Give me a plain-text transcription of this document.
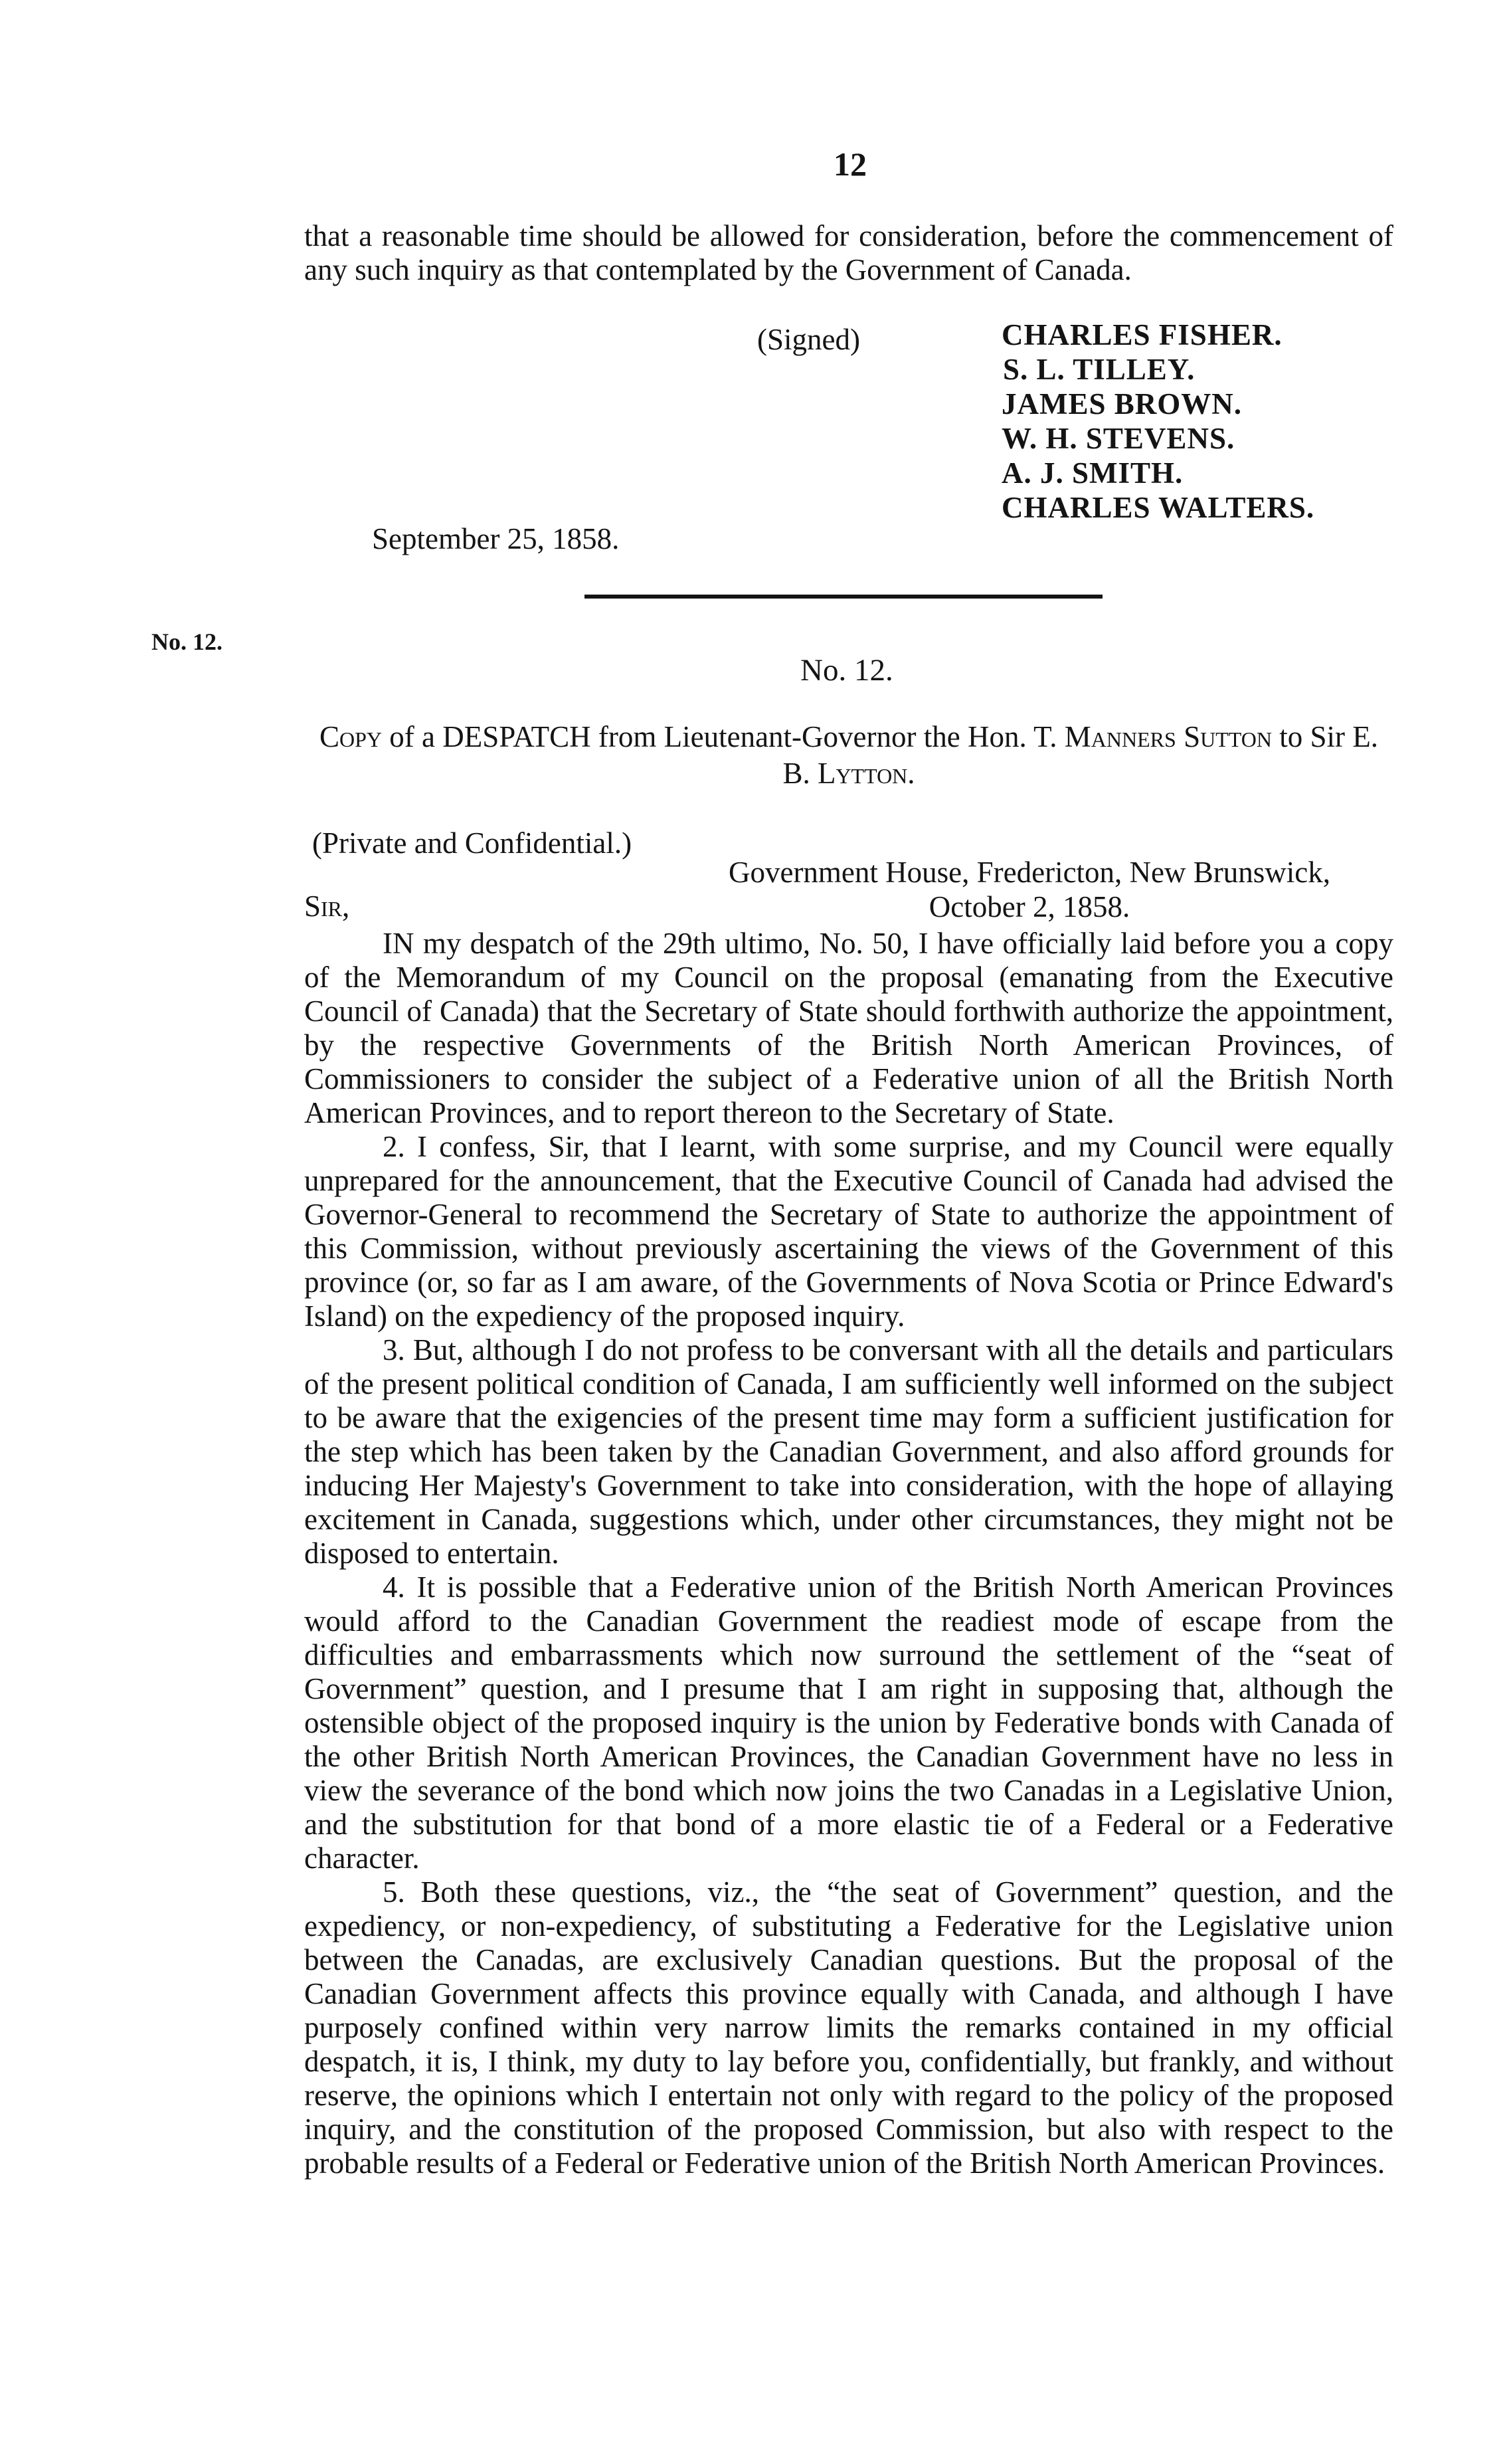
12
that a reasonable time should be allowed for consideration, before the commencement of any such inquiry as that contemplated by the Government of Canada.
(Signed)	CHARLES FISHER.
S. L. TILLEY.
JAMES BROWN.
W. H. STEVENS.
A. J. SMITH.
CHARLES WALTERS.
September 25, 1858.
No. 12.
No. 12.
Copy of a DESPATCH from Lieutenant-Governor the Hon. T. Manners Sutton to Sir E. B. Lytton.
(Private and Confidential.)
Government House, Fredericton, New Brunswick,
October 2, 1858.
Sir,

IN my despatch of the 29th ultimo, No. 50, I have officially laid before you a copy of the Memorandum of my Council on the proposal (emanating from the Executive Council of Canada) that the Secretary of State should forthwith authorize the appointment, by the respective Governments of the British North American Provinces, of Commissioners to consider the subject of a Federative union of all the British North American Provinces, and to report thereon to the Secretary of State.

2. I confess, Sir, that I learnt, with some surprise, and my Council were equally unprepared for the announcement, that the Executive Council of Canada had advised the Governor-General to recommend the Secretary of State to authorize the appointment of this Commission, without previously ascertaining the views of the Government of this province (or, so far as I am aware, of the Governments of Nova Scotia or Prince Edward's Island) on the expediency of the proposed inquiry.

3. But, although I do not profess to be conversant with all the details and particulars of the present political condition of Canada, I am sufficiently well informed on the subject to be aware that the exigencies of the present time may form a sufficient justification for the step which has been taken by the Canadian Government, and also afford grounds for inducing Her Majesty's Government to take into consideration, with the hope of allaying excitement in Canada, suggestions which, under other circumstances, they might not be disposed to entertain.

4. It is possible that a Federative union of the British North American Provinces would afford to the Canadian Government the readiest mode of escape from the difficulties and embarrassments which now surround the settlement of the “seat of Government” question, and I presume that I am right in supposing that, although the ostensible object of the proposed inquiry is the union by Federative bonds with Canada of the other British North American Provinces, the Canadian Government have no less in view the severance of the bond which now joins the two Canadas in a Legislative Union, and the substitution for that bond of a more elastic tie of a Federal or a Federative character.

5. Both these questions, viz., the “the seat of Government” question, and the expediency, or non-expediency, of substituting a Federative for the Legislative union between the Canadas, are exclusively Canadian questions. But the proposal of the Canadian Government affects this province equally with Canada, and although I have purposely confined within very narrow limits the remarks contained in my official despatch, it is, I think, my duty to lay before you, confidentially, but frankly, and without reserve, the opinions which I entertain not only with regard to the policy of the proposed inquiry, and the constitution of the proposed Commission, but also with respect to the probable results of a Federal or Federative union of the British North American Provinces.
